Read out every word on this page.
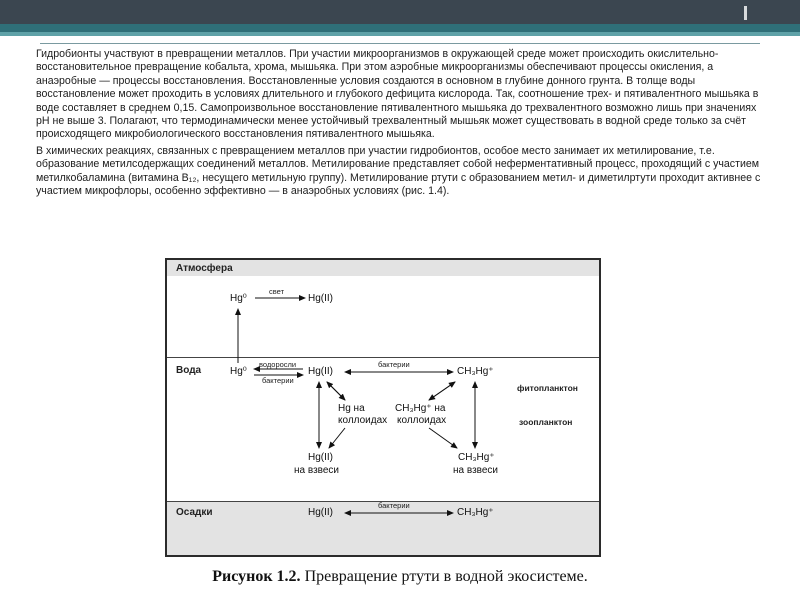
Гидробионты участвуют в превращении металлов. При участии микроорганизмов в окружающей среде может происходить окислительно-восстановительное превращение кобальта, хрома, мышьяка. При этом аэробные микроорганизмы обеспечивают процессы окисления, а анаэробные — процессы восстановления. Восстановленные условия создаются в основном в глубине донного грунта. В толще воды восстановление может проходить в условиях длительного и глубокого дефицита кислорода. Так, соотношение трех- и пятивалентного мышьяка в воде составляет в среднем 0,15. Самопроизвольное восстановление пятивалентного мышьяка до трехвалентного возможно лишь при значениях pH не выше 3. Полагают, что термодинамически менее устойчивый трехвалентный мышьяк может существовать в водной среде только за счёт происходящего микробиологического восстановления пятивалентного мышьяка.

В химических реакциях, связанных с превращением металлов при участии гидробионтов, особое место занимает их метилирование, т.е. образование метилсодержащих соединений металлов. Метилирование представляет собой неферментативный процесс, проходящий с участием метилкобаламина (витамина B₁₂, несущего метильную группу). Метилирование ртути с образованием метил- и диметилртути проходит активнее с участием микрофлоры, особенно эффективно — в анаэробных условиях (рис. 1.4).

Атмосфера
Вода
Осадки
Hg⁰
свет
Hg(II)
Hg⁰
водоросли
бактерии
Hg(II)
бактерии
CH₃Hg⁺
Hg на
коллоидах
CH₃Hg⁺ на
коллоидах
фитопланктон
зоопланктон
Hg(II)
на взвеси
CH₃Hg⁺
на взвеси
Hg(II)
бактерии
CH₃Hg⁺
Рисунок 1.2. Превращение ртути в водной экосистеме.
